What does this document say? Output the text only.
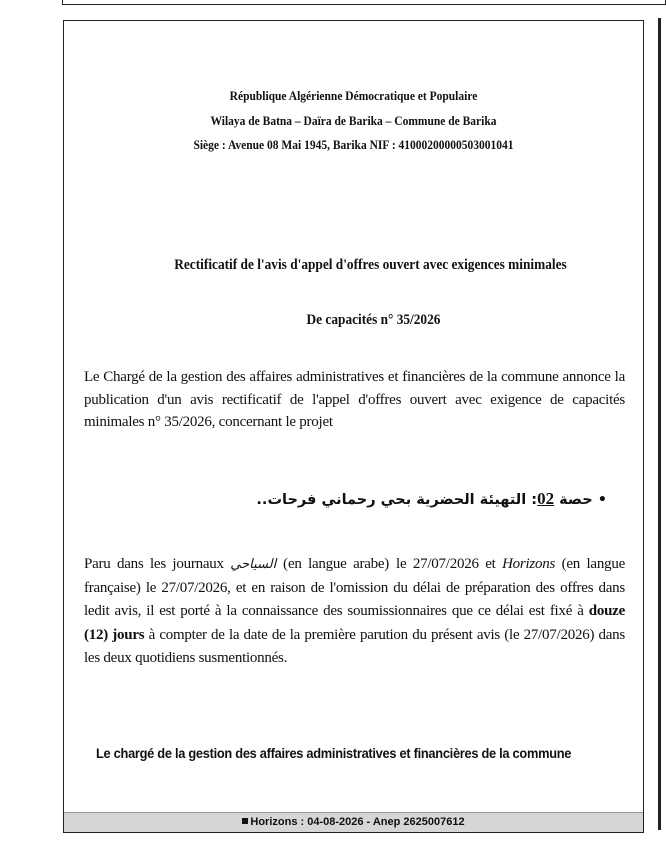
République Algérienne Démocratique et Populaire
Wilaya de Batna – Daïra de Barika – Commune de Barika
Siège : Avenue 08 Mai 1945, Barika NIF : 41000200000503001041
Rectificatif de l'avis d'appel d'offres ouvert avec exigences minimales
De capacités n° 35/2026
Le Chargé de la gestion des affaires administratives et financières de la commune annonce la publication d'un avis rectificatif de l'appel d'offres ouvert avec exigence de capacités minimales n° 35/2026, concernant le projet
• حصة 02: التهيئة الحضرية بحي رحماني فرحات..
Paru dans les journaux السياحي (en langue arabe) le 27/07/2026 et Horizons (en langue française) le 27/07/2026, et en raison de l'omission du délai de préparation des offres dans ledit avis, il est porté à la connaissance des soumissionnaires que ce délai est fixé à douze (12) jours à compter de la date de la première parution du présent avis (le 27/07/2026) dans les deux quotidiens susmentionnés.
Le chargé de la gestion des affaires administratives et financières de la commune
Horizons : 04-08-2026 - Anep 2625007612
